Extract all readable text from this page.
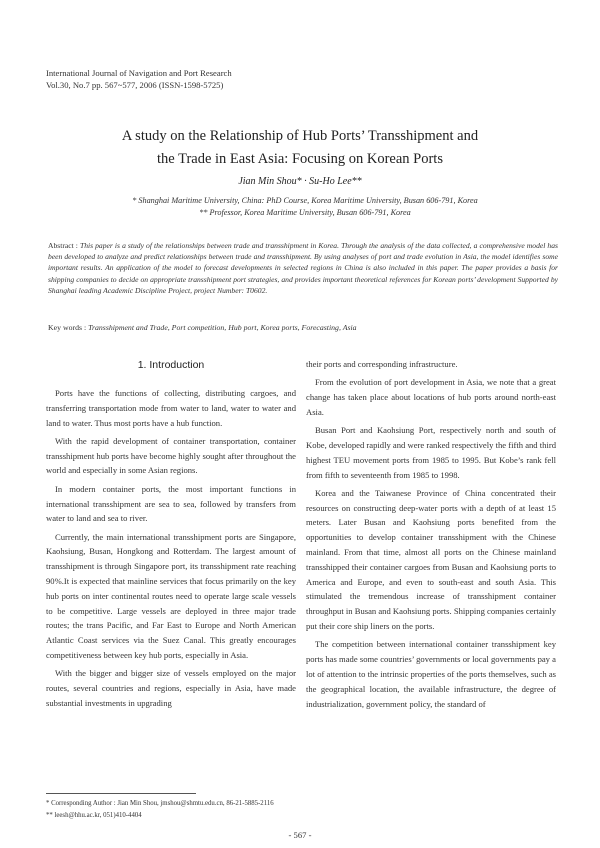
International Journal of Navigation and Port Research
Vol.30, No.7 pp. 567~577, 2006 (ISSN-1598-5725)
A study on the Relationship of Hub Ports’ Transshipment and
the Trade in East Asia: Focusing on Korean Ports
Jian Min Shou* · Su-Ho Lee**
* Shanghai Maritime University, China: PhD Course, Korea Maritime University, Busan 606-791, Korea
** Professor, Korea Maritime University, Busan 606-791, Korea
Abstract : This paper is a study of the relationships between trade and transshipment in Korea. Through the analysis of the data collected, a comprehensive model has been developed to analyze and predict relationships between trade and transshipment. By using analyses of port and trade evolution in Asia, the model identifies some important results. An application of the model to forecast developments in selected regions in China is also included in this paper. The paper provides a basis for shipping companies to decide on appropriate transshipment port strategies, and provides important theoretical references for Korean ports’ development Supported by Shanghai leading Academic Discipline Project, project Number: T0602.
Key words : Transshipment and Trade, Port competition, Hub port, Korea ports, Forecasting, Asia
1. Introduction

Ports have the functions of collecting, distributing cargoes, and transferring transportation mode from water to land, water to water and land to water. Thus most ports have a hub function.

With the rapid development of container transportation, container transshipment hub ports have become highly sought after throughout the world and especially in some Asian regions.

In modern container ports, the most important functions in international transshipment are sea to sea, followed by transfers from water to land and sea to river.

Currently, the main international transshipment ports are Singapore, Kaohsiung, Busan, Hongkong and Rotterdam. The largest amount of transshipment is through Singapore port, its transshipment rate reaching 90%.It is expected that mainline services that focus primarily on the key hub ports on inter continental routes need to operate large scale vessels to be competitive. Large vessels are deployed in three major trade routes; the trans Pacific, and Far East to Europe and North American Atlantic Coast services via the Suez Canal. This greatly encourages competitiveness between key hub ports, especially in Asia.

With the bigger and bigger size of vessels employed on the major routes, several countries and regions, especially in Asia, have made substantial investments in upgrading

their ports and corresponding infrastructure.

From the evolution of port development in Asia, we note that a great change has taken place about locations of hub ports around north-east Asia.

Busan Port and Kaohsiung Port, respectively north and south of Kobe, developed rapidly and were ranked respectively the fifth and third highest TEU movement ports from 1985 to 1995. But Kobe’s rank fell from fifth to seventeenth from 1985 to 1998.

Korea and the Taiwanese Province of China concentrated their resources on constructing deep-water ports with a depth of at least 15 meters. Later Busan and Kaohsiung ports benefited from the opportunities to develop container transshipment with the Chinese mainland. From that time, almost all ports on the Chinese mainland transshipped their container cargoes from Busan and Kaohsiung ports to America and Europe, and even to south-east and south Asia. This stimulated the tremendous increase of transshipment container throughput in Busan and Kaohsiung ports. Shipping companies certainly put their core ship liners on the ports.

The competition between international container transshipment key ports has made some countries’ governments or local governments pay a lot of attention to the intrinsic properties of the ports themselves, such as the geographical location, the available infrastructure, the degree of industrialization, government policy, the standard of

* Corresponding Author : Jian Min Shou, jmshou@shmtu.edu.cn, 86-21-5885-2116
** leesh@hhu.ac.kr, 051)410-4404
- 567 -
